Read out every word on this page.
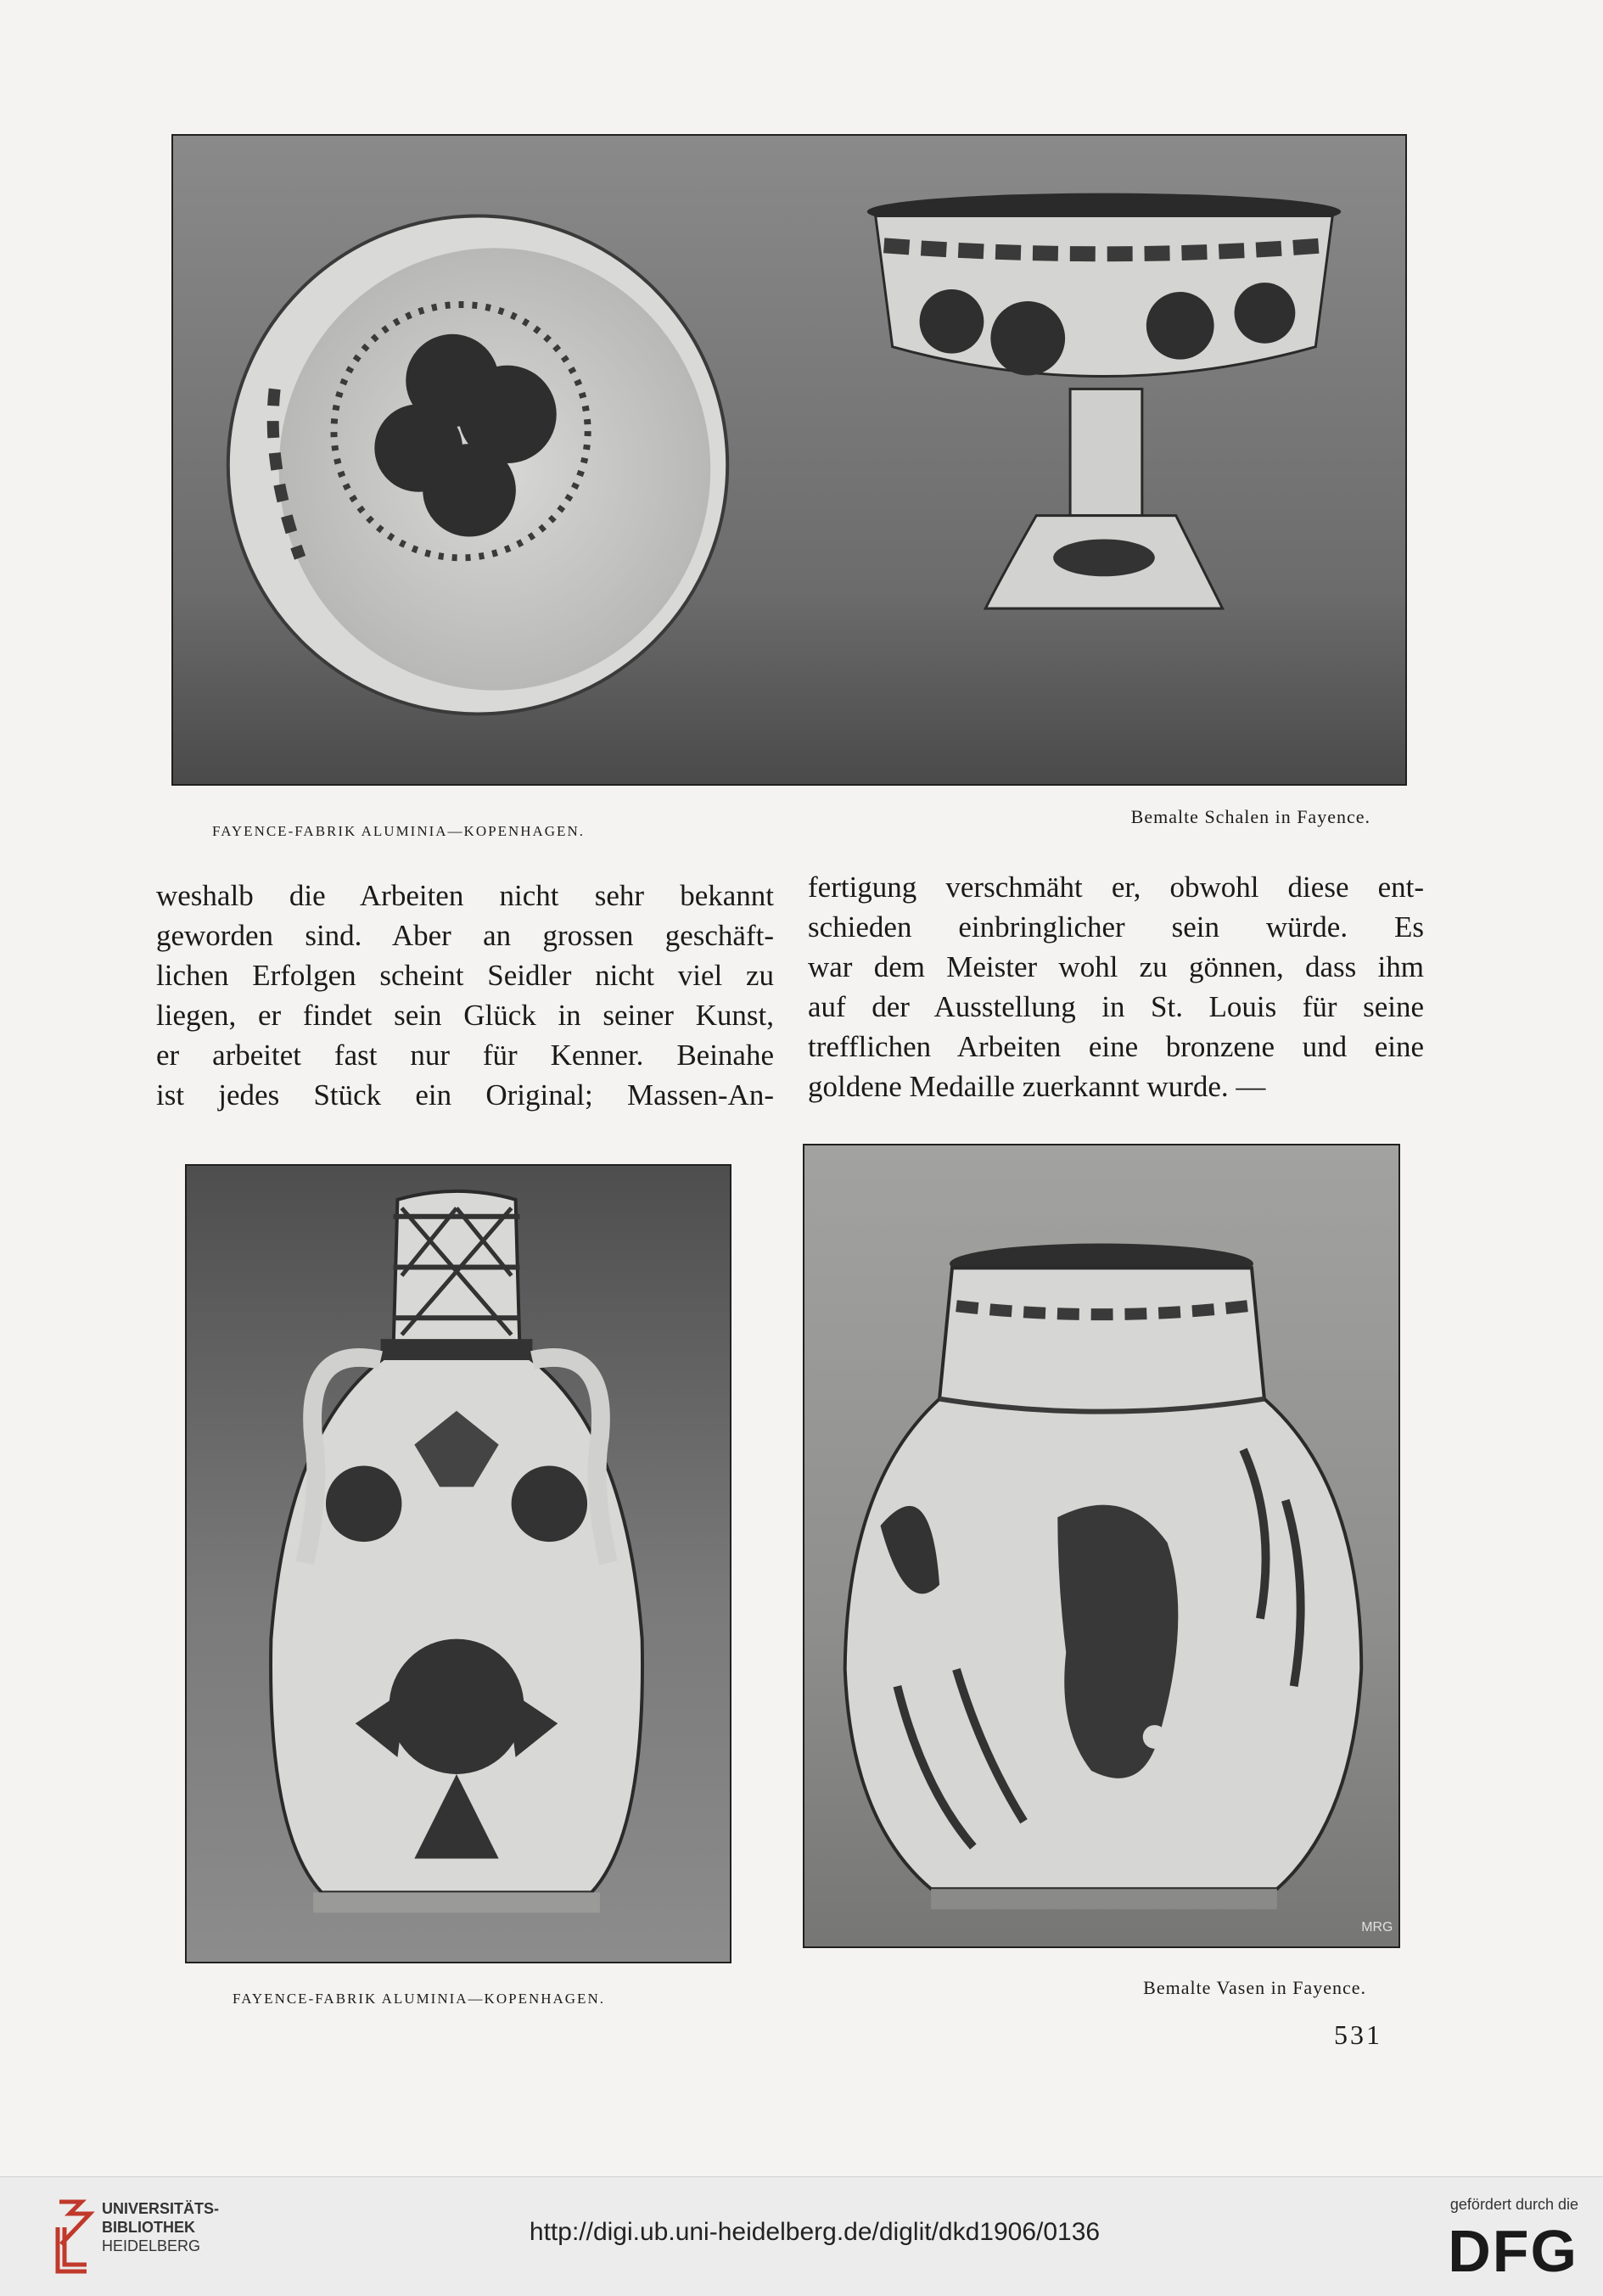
FAYENCE-FABRIK ALUMINIA—KOPENHAGEN.
Bemalte Schalen in Fayence.
weshalb die Arbeiten nicht sehr bekannt
geworden sind. Aber an grossen geschäft-
lichen Erfolgen scheint Seidler nicht viel zu
liegen, er findet sein Glück in seiner Kunst,
er arbeitet fast nur für Kenner. Beinahe
ist jedes Stück ein Original; Massen-An-
fertigung verschmäht er, obwohl diese ent-
schieden einbringlicher sein würde. Es
war dem Meister wohl zu gönnen, dass ihm
auf der Ausstellung in St. Louis für seine
trefflichen Arbeiten eine bronzene und eine
goldene Medaille zuerkannt wurde. —
MRG
FAYENCE-FABRIK ALUMINIA—KOPENHAGEN.
Bemalte Vasen in Fayence.
531
UNIVERSITÄTS-
BIBLIOTHEK
HEIDELBERG	http://digi.ub.uni-heidelberg.de/diglit/dkd1906/0136
gefördert durch die
DFG
